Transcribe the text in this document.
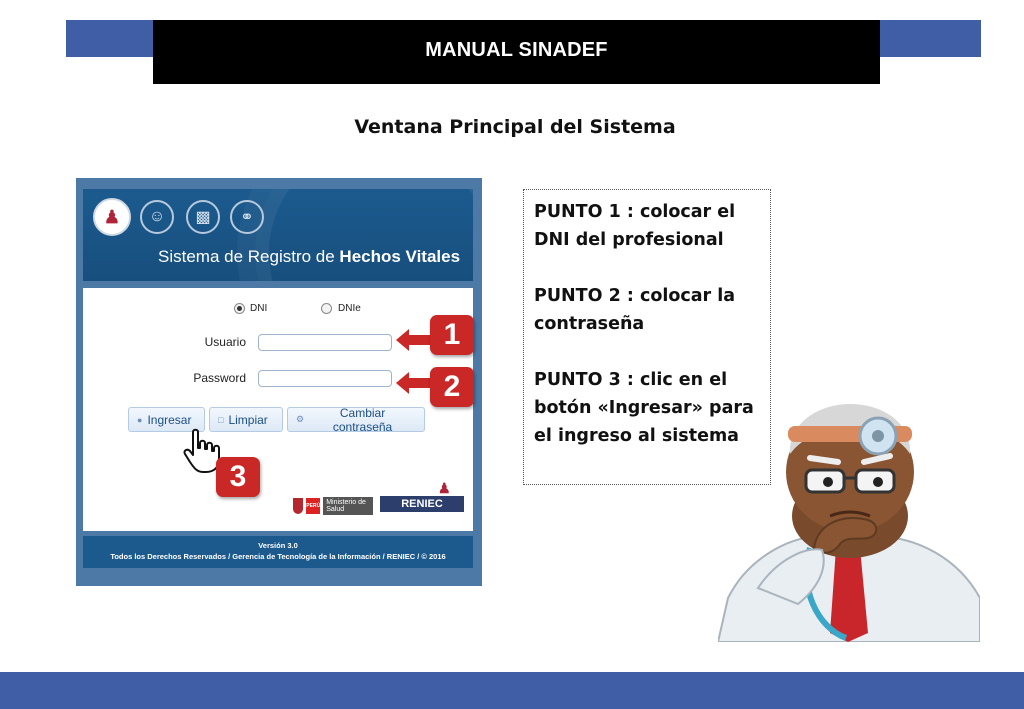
MANUAL SINADEF
Ventana Principal del Sistema
♟	☺	▩	⚭
Sistema de Registro de Hechos Vitales
DNI	DNIe
Usuario
Password
● Ingresar	□ Limpiar	⚙	Cambiar contraseña
PERÚ Ministerio de Salud
♟
RENIEC
Versión 3.0
Todos los Derechos Reservados / Gerencia de Tecnología de la Información / RENIEC / © 2016
1
2
3

PUNTO 1 : colocar el DNI del profesional

PUNTO 2 : colocar la contraseña

PUNTO 3 : clic en el botón «Ingresar» para el ingreso al sistema
